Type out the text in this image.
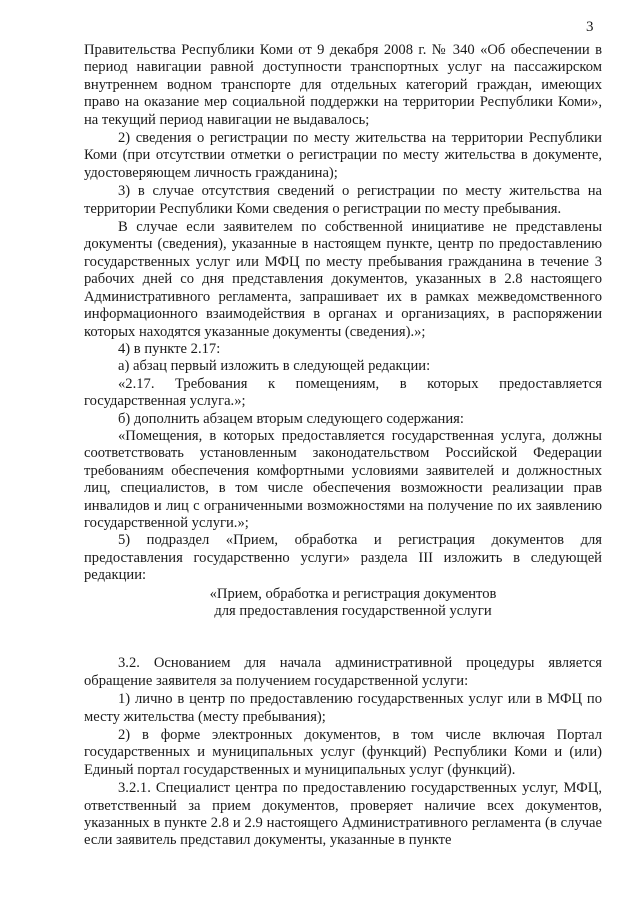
3

Правительства Республики Коми от 9 декабря 2008 г. № 340 «Об обеспечении в период навигации равной доступности транспортных услуг на пассажирском внутреннем водном транспорте для отдельных категорий граждан, имеющих право на оказание мер социальной поддержки на территории Республики Коми», на текущий период навигации не выдавалось;

2) сведения о регистрации по месту жительства на территории Республики Коми (при отсутствии отметки о регистрации по месту жительства в документе, удостоверяющем личность гражданина);

3) в случае отсутствия сведений о регистрации по месту жительства на территории Республики Коми сведения о регистрации по месту пребывания.

В случае если заявителем по собственной инициативе не представлены документы (сведения), указанные в настоящем пункте, центр по предоставлению государственных услуг или МФЦ по месту пребывания гражданина в течение 3 рабочих дней со дня представления документов, указанных в 2.8 настоящего Административного регламента, запрашивает их в рамках межведомственного информационного взаимодействия в органах и организациях, в распоряжении которых находятся указанные документы (сведения).»;

4) в пункте 2.17:

а) абзац первый изложить в следующей редакции:

«2.17. Требования к помещениям, в которых предоставляется государственная услуга.»;

б) дополнить абзацем вторым следующего содержания:

«Помещения, в которых предоставляется государственная услуга, должны соответствовать установленным законодательством Российской Федерации требованиям обеспечения комфортными условиями заявителей и должностных лиц, специалистов, в том числе обеспечения возможности реализации прав инвалидов и лиц с ограниченными возможностями на получение по их заявлению государственной услуги.»;

5) подраздел «Прием, обработка и регистрация документов для предоставления государственно услуги» раздела III изложить в следующей редакции:

«Прием, обработка и регистрация документов

для предоставления государственной услуги

3.2. Основанием для начала административной процедуры является обращение заявителя за получением государственной услуги:

1) лично в центр по предоставлению государственных услуг или в МФЦ по месту жительства (месту пребывания);

2) в форме электронных документов, в том числе включая Портал государственных и муниципальных услуг (функций) Республики Коми и (или) Единый портал государственных и муниципальных услуг (функций).

3.2.1. Специалист центра по предоставлению государственных услуг, МФЦ, ответственный за прием документов, проверяет наличие всех документов, указанных в пункте 2.8 и 2.9 настоящего Административного регламента (в случае если заявитель представил документы, указанные в пункте
